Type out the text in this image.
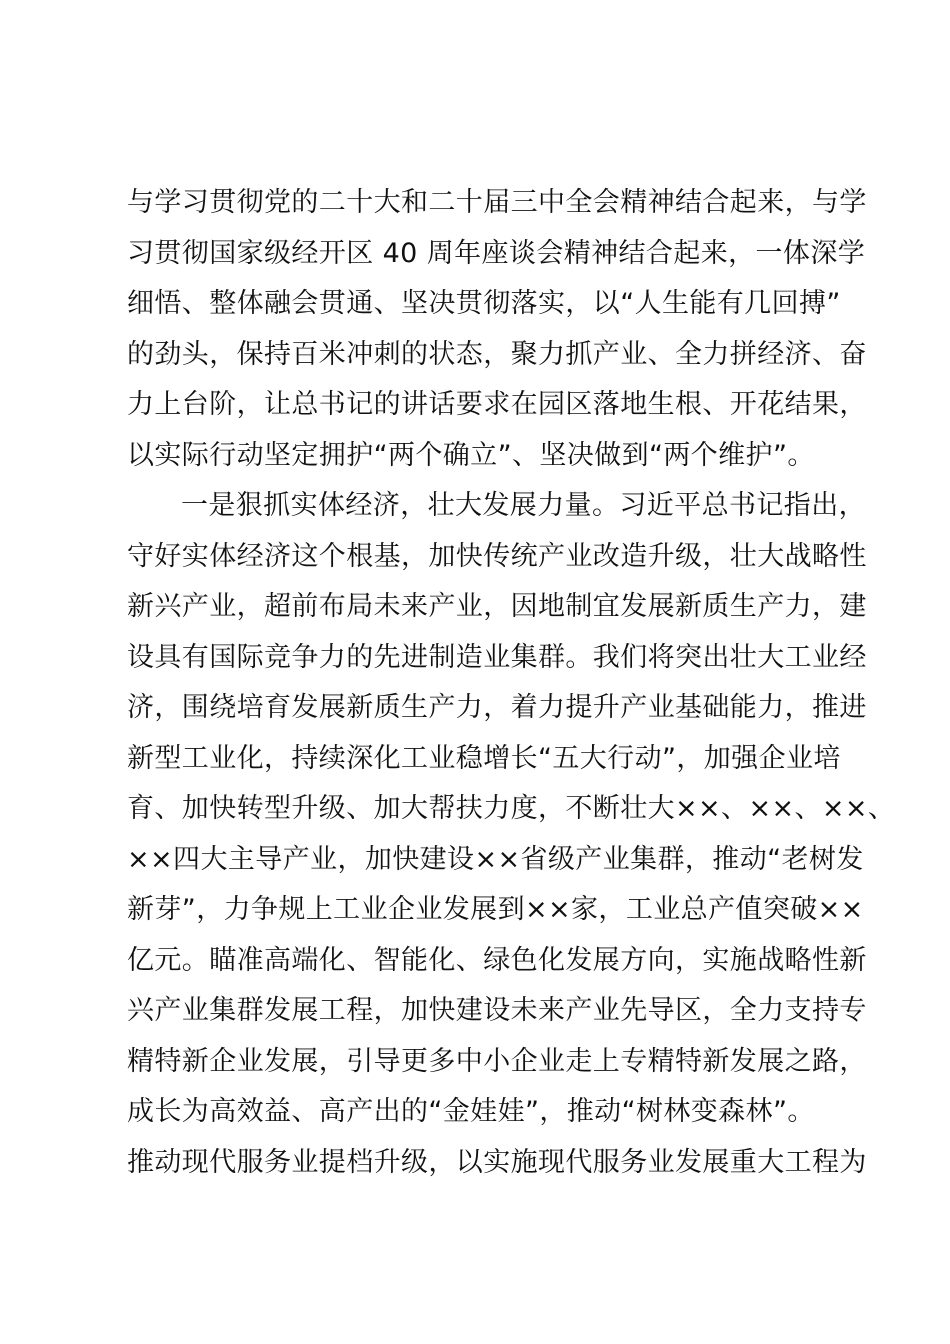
与学习贯彻党的二十大和二十届三中全会精神结合起来，与学
习贯彻国家级经开区 40 周年座谈会精神结合起来，一体深学
细悟、整体融会贯通、坚决贯彻落实，以“人生能有几回搏”
的劲头，保持百米冲刺的状态，聚力抓产业、全力拼经济、奋
力上台阶，让总书记的讲话要求在园区落地生根、开花结果，
以实际行动坚定拥护“两个确立”、坚决做到“两个维护”。
一是狠抓实体经济，壮大发展力量。习近平总书记指出，
守好实体经济这个根基，加快传统产业改造升级，壮大战略性
新兴产业，超前布局未来产业，因地制宜发展新质生产力，建
设具有国际竞争力的先进制造业集群。我们将突出壮大工业经
济，围绕培育发展新质生产力，着力提升产业基础能力，推进
新型工业化，持续深化工业稳增长“五大行动”，加强企业培
育、加快转型升级、加大帮扶力度，不断壮大××、××、××、
××四大主导产业，加快建设××省级产业集群，推动“老树发
新芽”，力争规上工业企业发展到××家，工业总产值突破××
亿元。瞄准高端化、智能化、绿色化发展方向，实施战略性新
兴产业集群发展工程，加快建设未来产业先导区，全力支持专
精特新企业发展，引导更多中小企业走上专精特新发展之路，
成长为高效益、高产出的“金娃娃”，推动“树林变森林”。
推动现代服务业提档升级，以实施现代服务业发展重大工程为
